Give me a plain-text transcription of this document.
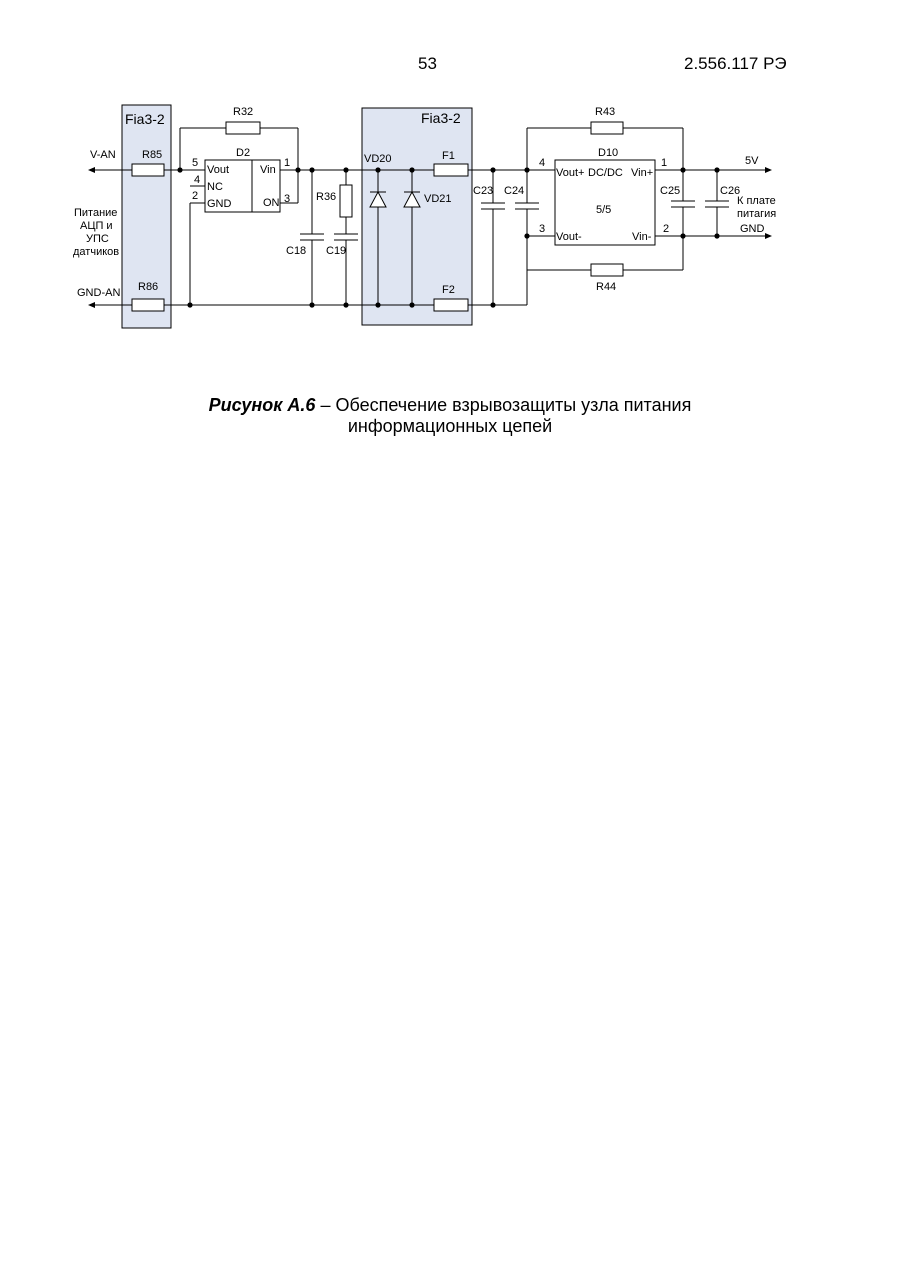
53	2.556.117 РЭ
Fia3-2	Fia3-2
V-AN
GND-AN
5V
GND
Питание
АЦП и
УПС
датчиков
R85
R86
R32
D2
Vout
NC
GND
Vin
ON
5
4
2
1
3
C18
R36
C19
VD20
VD21
F1
F2
C23 C24
R43
R44
D10
DC/DC
5/5
Vout+
Vout-
Vin+
Vin-
4
3
1
2
C25	C26
К плате
питагия
Рисунок А.6 – Обеспечение взрывозащиты узла питания
информационных цепей
